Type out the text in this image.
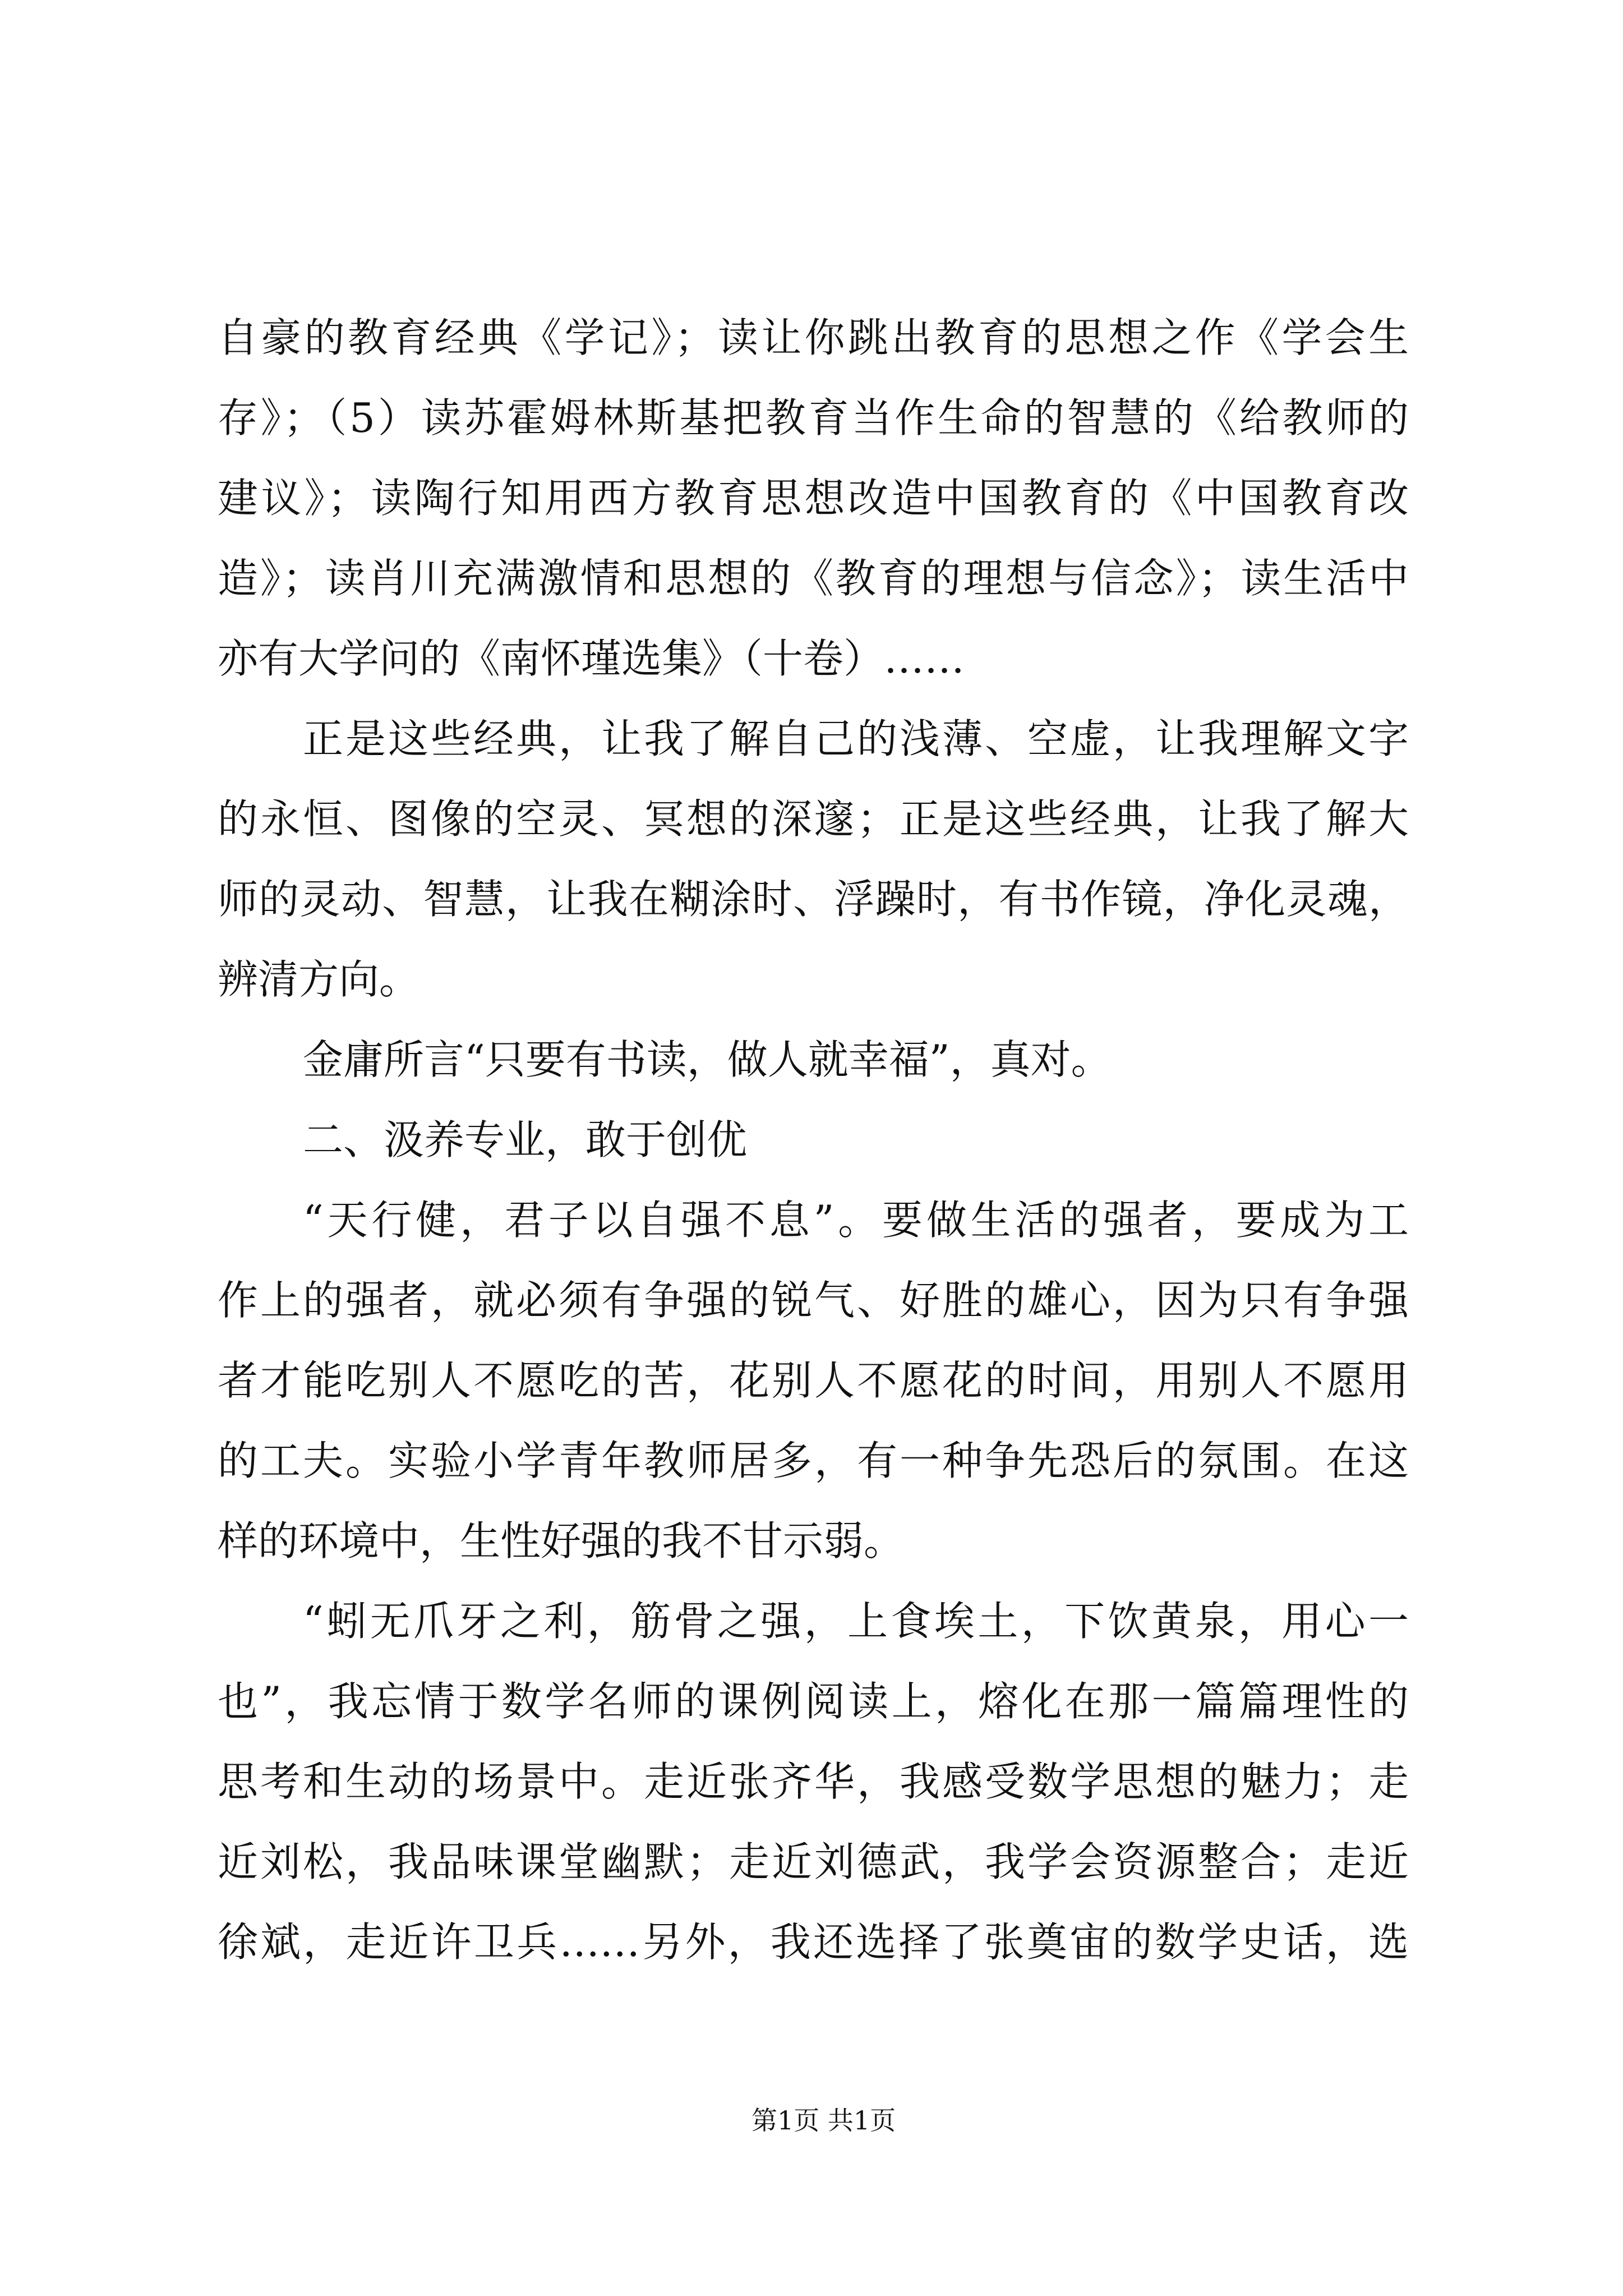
自豪的教育经典《学记》；读让你跳出教育的思想之作《学会生
存》；（5）读苏霍姆林斯基把教育当作生命的智慧的《给教师的
建议》；读陶行知用西方教育思想改造中国教育的《中国教育改
造》；读肖川充满激情和思想的《教育的理想与信念》；读生活中
亦有大学问的《南怀瑾选集》（十卷）……
正是这些经典，让我了解自己的浅薄、空虚，让我理解文字
的永恒、图像的空灵、冥想的深邃；正是这些经典，让我了解大
师的灵动、智慧，让我在糊涂时、浮躁时，有书作镜，净化灵魂，
辨清方向。
金庸所言“只要有书读，做人就幸福”，真对。
二、汲养专业，敢于创优
“天行健，君子以自强不息”。要做生活的强者，要成为工
作上的强者，就必须有争强的锐气、好胜的雄心，因为只有争强
者才能吃别人不愿吃的苦，花别人不愿花的时间，用别人不愿用
的工夫。实验小学青年教师居多，有一种争先恐后的氛围。在这
样的环境中，生性好强的我不甘示弱。
“蚓无爪牙之利，筋骨之强，上食埃土，下饮黄泉，用心一
也”，我忘情于数学名师的课例阅读上，熔化在那一篇篇理性的
思考和生动的场景中。走近张齐华，我感受数学思想的魅力；走
近刘松，我品味课堂幽默；走近刘德武，我学会资源整合；走近
徐斌，走近许卫兵……另外，我还选择了张奠宙的数学史话，选
第1页 共1页
